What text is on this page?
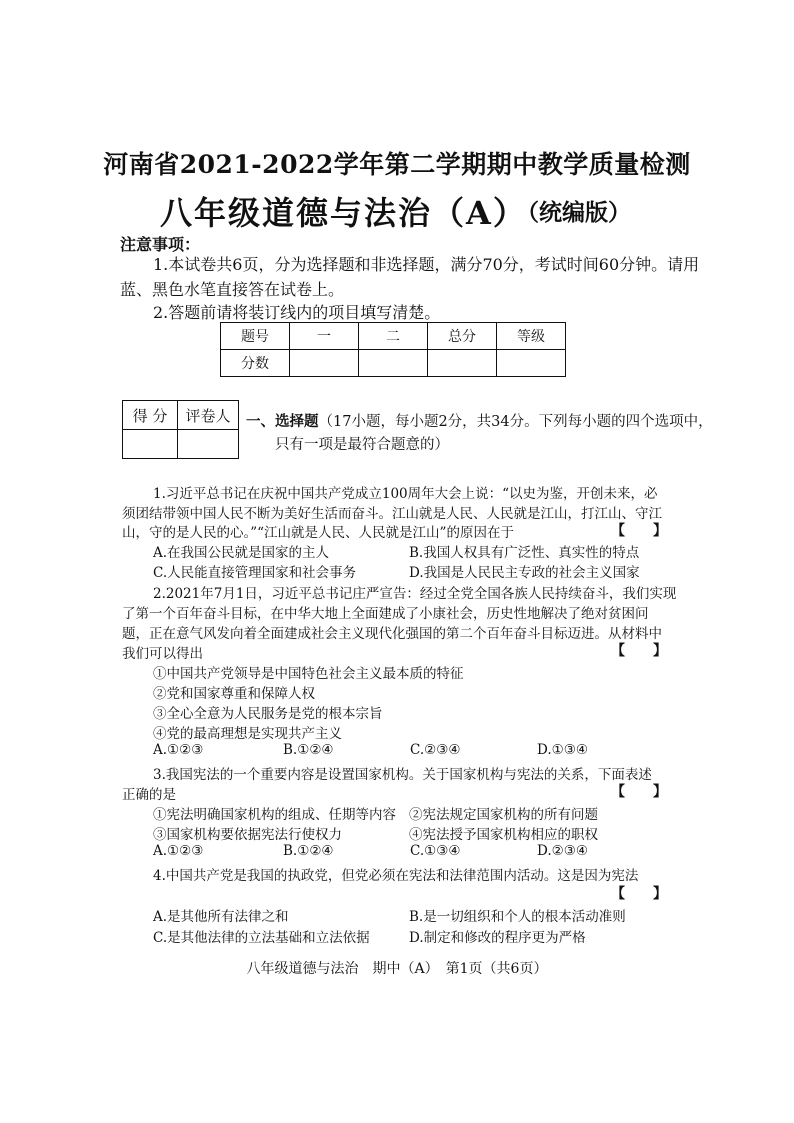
河南省2021-2022学年第二学期期中教学质量检测
八年级道德与法治（A）
（统编版）
注意事项：
1.本试卷共6页，分为选择题和非选择题，满分70分，考试时间60分钟。请用
蓝、黑色水笔直接答在试卷上。
2.答题前请将装订线内的项目填写清楚。
题号	一	二	总分	等级
分数				
得 分	评卷人
	一、选择题（17小题，每小题2分，共34分。下列每小题的四个选项中，
只有一项是最符合题意的）
1.习近平总书记在庆祝中国共产党成立100周年大会上说：“以史为鉴，开创未来，必
须团结带领中国人民不断为美好生活而奋斗。江山就是人民、人民就是江山，打江山、守江
山，守的是人民的心。”“江山就是人民、人民就是江山”的原因在于	【　　】
A.在我国公民就是国家的主人	B.我国人权具有广泛性、真实性的特点
C.人民能直接管理国家和社会事务	D.我国是人民民主专政的社会主义国家
2.2021年7月1日，习近平总书记庄严宣告：经过全党全国各族人民持续奋斗，我们实现
了第一个百年奋斗目标，在中华大地上全面建成了小康社会，历史性地解决了绝对贫困问
题，正在意气风发向着全面建成社会主义现代化强国的第二个百年奋斗目标迈进。从材料中
我们可以得出	【　　】
①中国共产党领导是中国特色社会主义最本质的特征
②党和国家尊重和保障人权
③全心全意为人民服务是党的根本宗旨
④党的最高理想是实现共产主义
A.①②③	B.①②④	C.②③④	D.①③④
3.我国宪法的一个重要内容是设置国家机构。关于国家机构与宪法的关系，下面表述
正确的是	【　　】
①宪法明确国家机构的组成、任期等内容 ②宪法规定国家机构的所有问题
③国家机构要依据宪法行使权力	④宪法授予国家机构相应的职权
A.①②③	B.①②④	C.①③④	D.②③④
4.中国共产党是我国的执政党，但党必须在宪法和法律范围内活动。这是因为宪法
【　　】
A.是其他所有法律之和	B.是一切组织和个人的根本活动准则
C.是其他法律的立法基础和立法依据	D.制定和修改的程序更为严格
八年级道德与法治　期中（A）　第1页（共6页）
